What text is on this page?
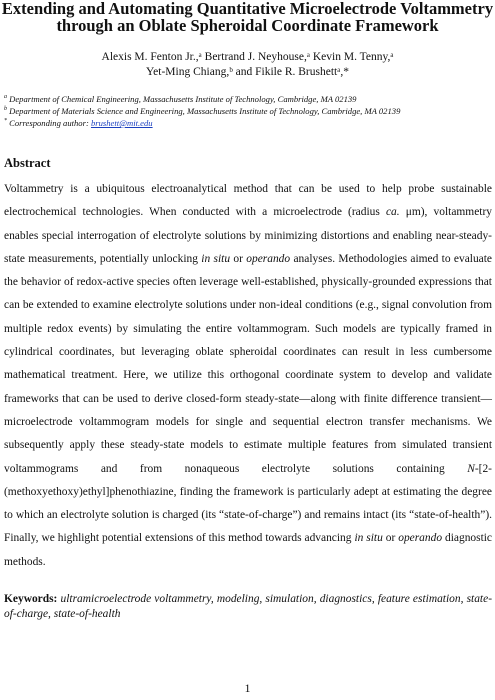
Extending and Automating Quantitative Microelectrode Voltammetry
through an Oblate Spheroidal Coordinate Framework
Alexis M. Fenton Jr.,ᵃ Bertrand J. Neyhouse,ᵃ Kevin M. Tenny,ᵃ
Yet-Ming Chiang,ᵇ and Fikile R. Brushettᵃ,*
$^a$ Department of Chemical Engineering, Massachusetts Institute of Technology, Cambridge, MA 02139
$^b$ Department of Materials Science and Engineering, Massachusetts Institute of Technology, Cambridge, MA 02139
* Corresponding author: brushett@mit.edu
Abstract

Voltammetry is a ubiquitous electroanalytical method that can be used to help probe sustainable electrochemical technologies. When conducted with a microelectrode (radius ca. μm), voltammetry enables special interrogation of electrolyte solutions by minimizing distortions and enabling near-steady-state measurements, potentially unlocking in situ or operando analyses. Methodologies aimed to evaluate the behavior of redox-active species often leverage well-established, physically-grounded expressions that can be extended to examine electrolyte solutions under non-ideal conditions (e.g., signal convolution from multiple redox events) by simulating the entire voltammogram. Such models are typically framed in cylindrical coordinates, but leveraging oblate spheroidal coordinates can result in less cumbersome mathematical treatment. Here, we utilize this orthogonal coordinate system to develop and validate frameworks that can be used to derive closed-form steady-state—along with finite difference transient—microelectrode voltammogram models for single and sequential electron transfer mechanisms. We subsequently apply these steady-state models to estimate multiple features from simulated transient voltammograms and from nonaqueous electrolyte solutions containing N-[2-(methoxyethoxy)ethyl]phenothiazine, finding the framework is particularly adept at estimating the degree to which an electrolyte solution is charged (its “state-of-charge”) and remains intact (its “state-of-health”). Finally, we highlight potential extensions of this method towards advancing in situ or operando diagnostic methods.

Keywords: ultramicroelectrode voltammetry, modeling, simulation, diagnostics, feature estimation, state-of-charge, state-of-health

1
